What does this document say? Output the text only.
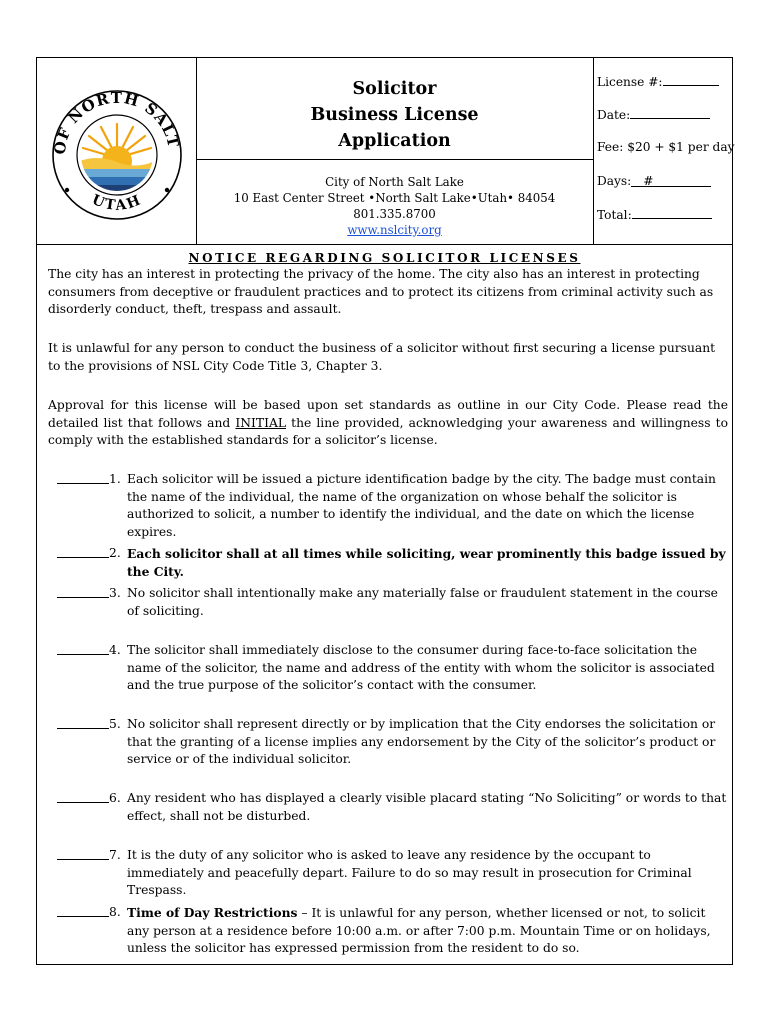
OF NORTH SALT
UTAH
Solicitor
Business License
Application
City of North Salt Lake
10 East Center Street •North Salt Lake•Utah• 84054
801.335.8700
www.nslcity.org
License #:
Date:
Fee: $20 + $1 per day
Days: #
Total:
NOTICE REGARDING SOLICITOR LICENSES
The city has an interest in protecting the privacy of the home. The city also has an interest in protecting consumers from deceptive or fraudulent practices and to protect its citizens from criminal activity such as disorderly conduct, theft, trespass and assault.
It is unlawful for any person to conduct the business of a solicitor without first securing a license pursuant to the provisions of NSL City Code Title 3, Chapter 3.
Approval for this license will be based upon set standards as outline in our City Code. Please read the detailed list that follows and INITIAL the line provided, acknowledging your awareness and willingness to comply with the established standards for a solicitor’s license.
1. Each solicitor will be issued a picture identification badge by the city. The badge must contain the name of the individual, the name of the organization on whose behalf the solicitor is authorized to solicit, a number to identify the individual, and the date on which the license expires.
2. Each solicitor shall at all times while soliciting, wear prominently this badge issued by the City.
3. No solicitor shall intentionally make any materially false or fraudulent statement in the course of soliciting.
4. The solicitor shall immediately disclose to the consumer during face-to-face solicitation the name of the solicitor, the name and address of the entity with whom the solicitor is associated and the true purpose of the solicitor’s contact with the consumer.
5. No solicitor shall represent directly or by implication that the City endorses the solicitation or that the granting of a license implies any endorsement by the City of the solicitor’s product or service or of the individual solicitor.
6. Any resident who has displayed a clearly visible placard stating “No Soliciting” or words to that effect, shall not be disturbed.
7. It is the duty of any solicitor who is asked to leave any residence by the occupant to immediately and peacefully depart. Failure to do so may result in prosecution for Criminal Trespass.
8. Time of Day Restrictions – It is unlawful for any person, whether licensed or not, to solicit any person at a residence before 10:00 a.m. or after 7:00 p.m. Mountain Time or on holidays, unless the solicitor has expressed permission from the resident to do so.
